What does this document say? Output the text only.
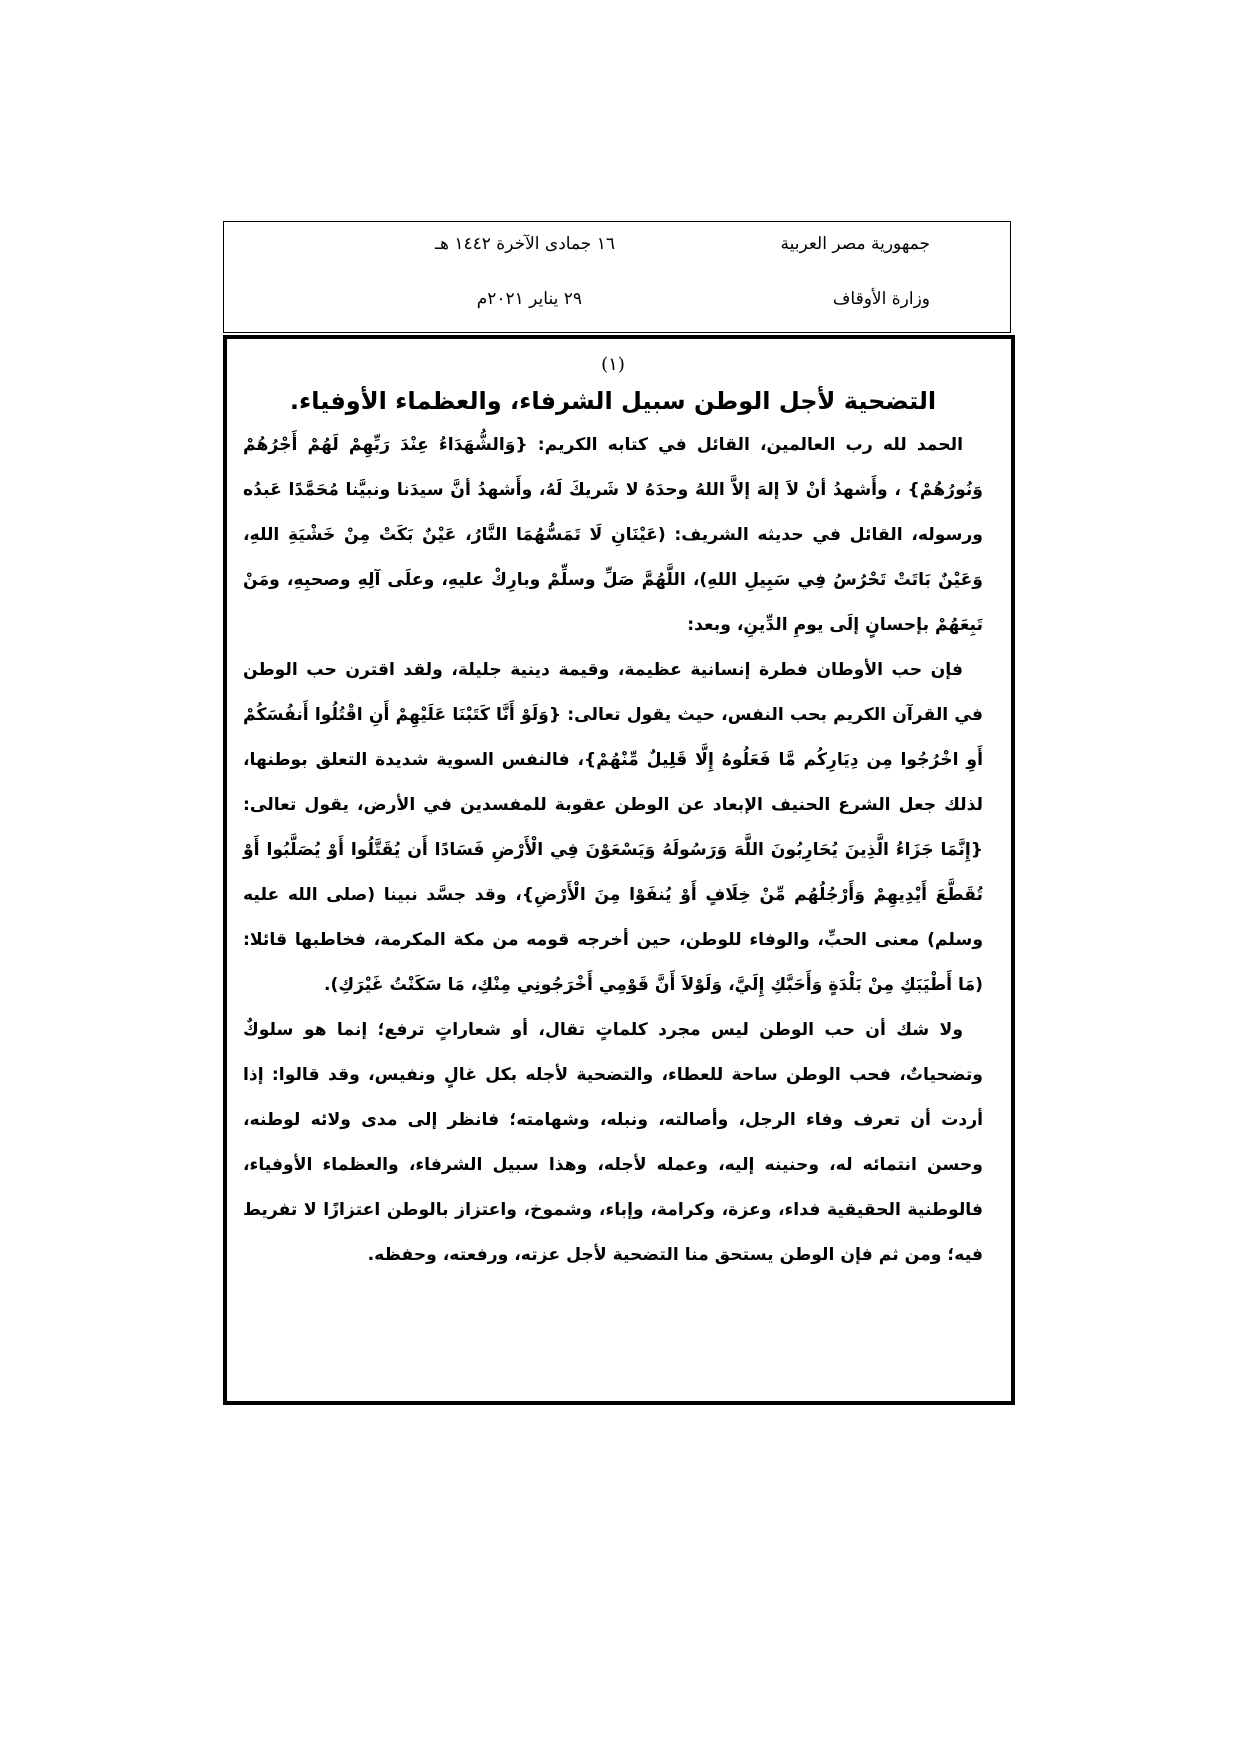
جمهورية مصر العربية
١٦ جمادى الآخرة ١٤٤٢ هـ
وزارة الأوقاف
٢٩ يناير ٢٠٢١م
(١)
التضحية لأجل الوطن سبيل الشرفاء، والعظماء الأوفياء.

الحمد لله رب العالمين، القائل في كتابه الكريم: {وَالشُّهَدَاءُ عِنْدَ رَبِّهِمْ لَهُمْ أَجْرُهُمْ وَنُورُهُمْ} ، وأَشهدُ أنْ لاَ إلهَ إلاَّ اللهُ وحدَهُ لا شَريكَ لَهُ، وأَشهدُ أنَّ سيدَنا ونبيَّنا مُحَمَّدًا عَبدُه ورسوله، القائل في حديثه الشريف: (عَيْنَانِ لَا تَمَسُّهُمَا النَّارُ، عَيْنٌ بَكَتْ مِنْ خَشْيَةِ اللهِ، وَعَيْنٌ بَاتَتْ تَحْرُسُ فِي سَبِيلِ اللهِ)، اللَّهُمَّ صَلِّ وسلِّمْ وبارِكْ عليهِ، وعلَى آلِهِ وصحبِهِ، ومَنْ تَبِعَهُمْ بإحسانٍ إلَى يومِ الدِّينِ، وبعد:

فإن حب الأوطان فطرة إنسانية عظيمة، وقيمة دينية جليلة، ولقد اقترن حب الوطن في القرآن الكريم بحب النفس، حيث يقول تعالى: {وَلَوْ أَنَّا كَتَبْنَا عَلَيْهِمْ أَنِ اقْتُلُوا أَنفُسَكُمْ أَوِ اخْرُجُوا مِن دِيَارِكُم مَّا فَعَلُوهُ إِلَّا قَلِيلٌ مِّنْهُمْ}، فالنفس السوية شديدة التعلق بوطنها، لذلك جعل الشرع الحنيف الإبعاد عن الوطن عقوبة للمفسدين في الأرض، يقول تعالى: {إِنَّمَا جَزَاءُ الَّذِينَ يُحَارِبُونَ اللَّهَ وَرَسُولَهُ وَيَسْعَوْنَ فِي الْأَرْضِ فَسَادًا أَن يُقَتَّلُوا أَوْ يُصَلَّبُوا أَوْ تُقَطَّعَ أَيْدِيهِمْ وَأَرْجُلُهُم مِّنْ خِلَافٍ أَوْ يُنفَوْا مِنَ الْأَرْضِ}، وقد جسَّد نبينا (صلى الله عليه وسلم) معنى الحبِّ، والوفاء للوطن، حين أخرجه قومه من مكة المكرمة، فخاطبها قائلا: (مَا أَطْيَبَكِ مِنْ بَلْدَةٍ وَأَحَبَّكِ إِلَيَّ، وَلَوْلاَ أَنَّ قَوْمِي أَخْرَجُونِي مِنْكِ، مَا سَكَنْتُ غَيْرَكِ).

ولا شك أن حب الوطن ليس مجرد كلماتٍ تقال، أو شعاراتٍ ترفع؛ إنما هو سلوكٌ وتضحياتٌ، فحب الوطن ساحة للعطاء، والتضحية لأجله بكل غالٍ ونفيس، وقد قالوا: إذا أردت أن تعرف وفاء الرجل، وأصالته، ونبله، وشهامته؛ فانظر إلى مدى ولائه لوطنه، وحسن انتمائه له، وحنينه إليه، وعمله لأجله، وهذا سبيل الشرفاء، والعظماء الأوفياء، فالوطنية الحقيقية فداء، وعزة، وكرامة، وإباء، وشموخ، واعتزاز بالوطن اعتزازًا لا تفريط فيه؛ ومن ثم فإن الوطن يستحق منا التضحية لأجل عزته، ورفعته، وحفظه.
